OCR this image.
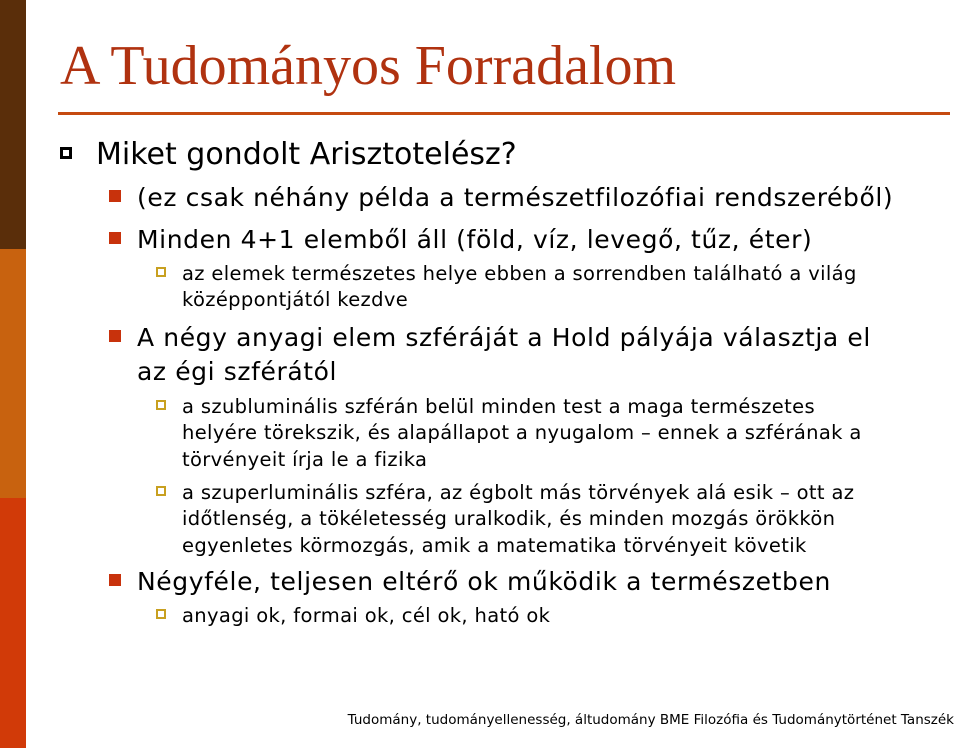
A Tudományos Forradalom
Miket gondolt Arisztotelész?
(ez csak néhány példa a természetfilozófiai rendszeréből)
Minden 4+1 elemből áll (föld, víz, levegő, tűz, éter)
az elemek természetes helye ebben a sorrendben található a világ
középpontjától kezdve
A négy anyagi elem szféráját a Hold pályája választja el
az égi szférától
a szubluminális szférán belül minden test a maga természetes
helyére törekszik, és alapállapot a nyugalom – ennek a szférának a
törvényeit írja le a fizika
a szuperluminális szféra, az égbolt más törvények alá esik – ott az
időtlenség, a tökéletesség uralkodik, és minden mozgás örökkön
egyenletes körmozgás, amik a matematika törvényeit követik
Négyféle, teljesen eltérő ok működik a természetben
anyagi ok, formai ok, cél ok, ható ok
Tudomány, tudományellenesség, áltudomány BME Filozófia és Tudománytörténet Tanszék
